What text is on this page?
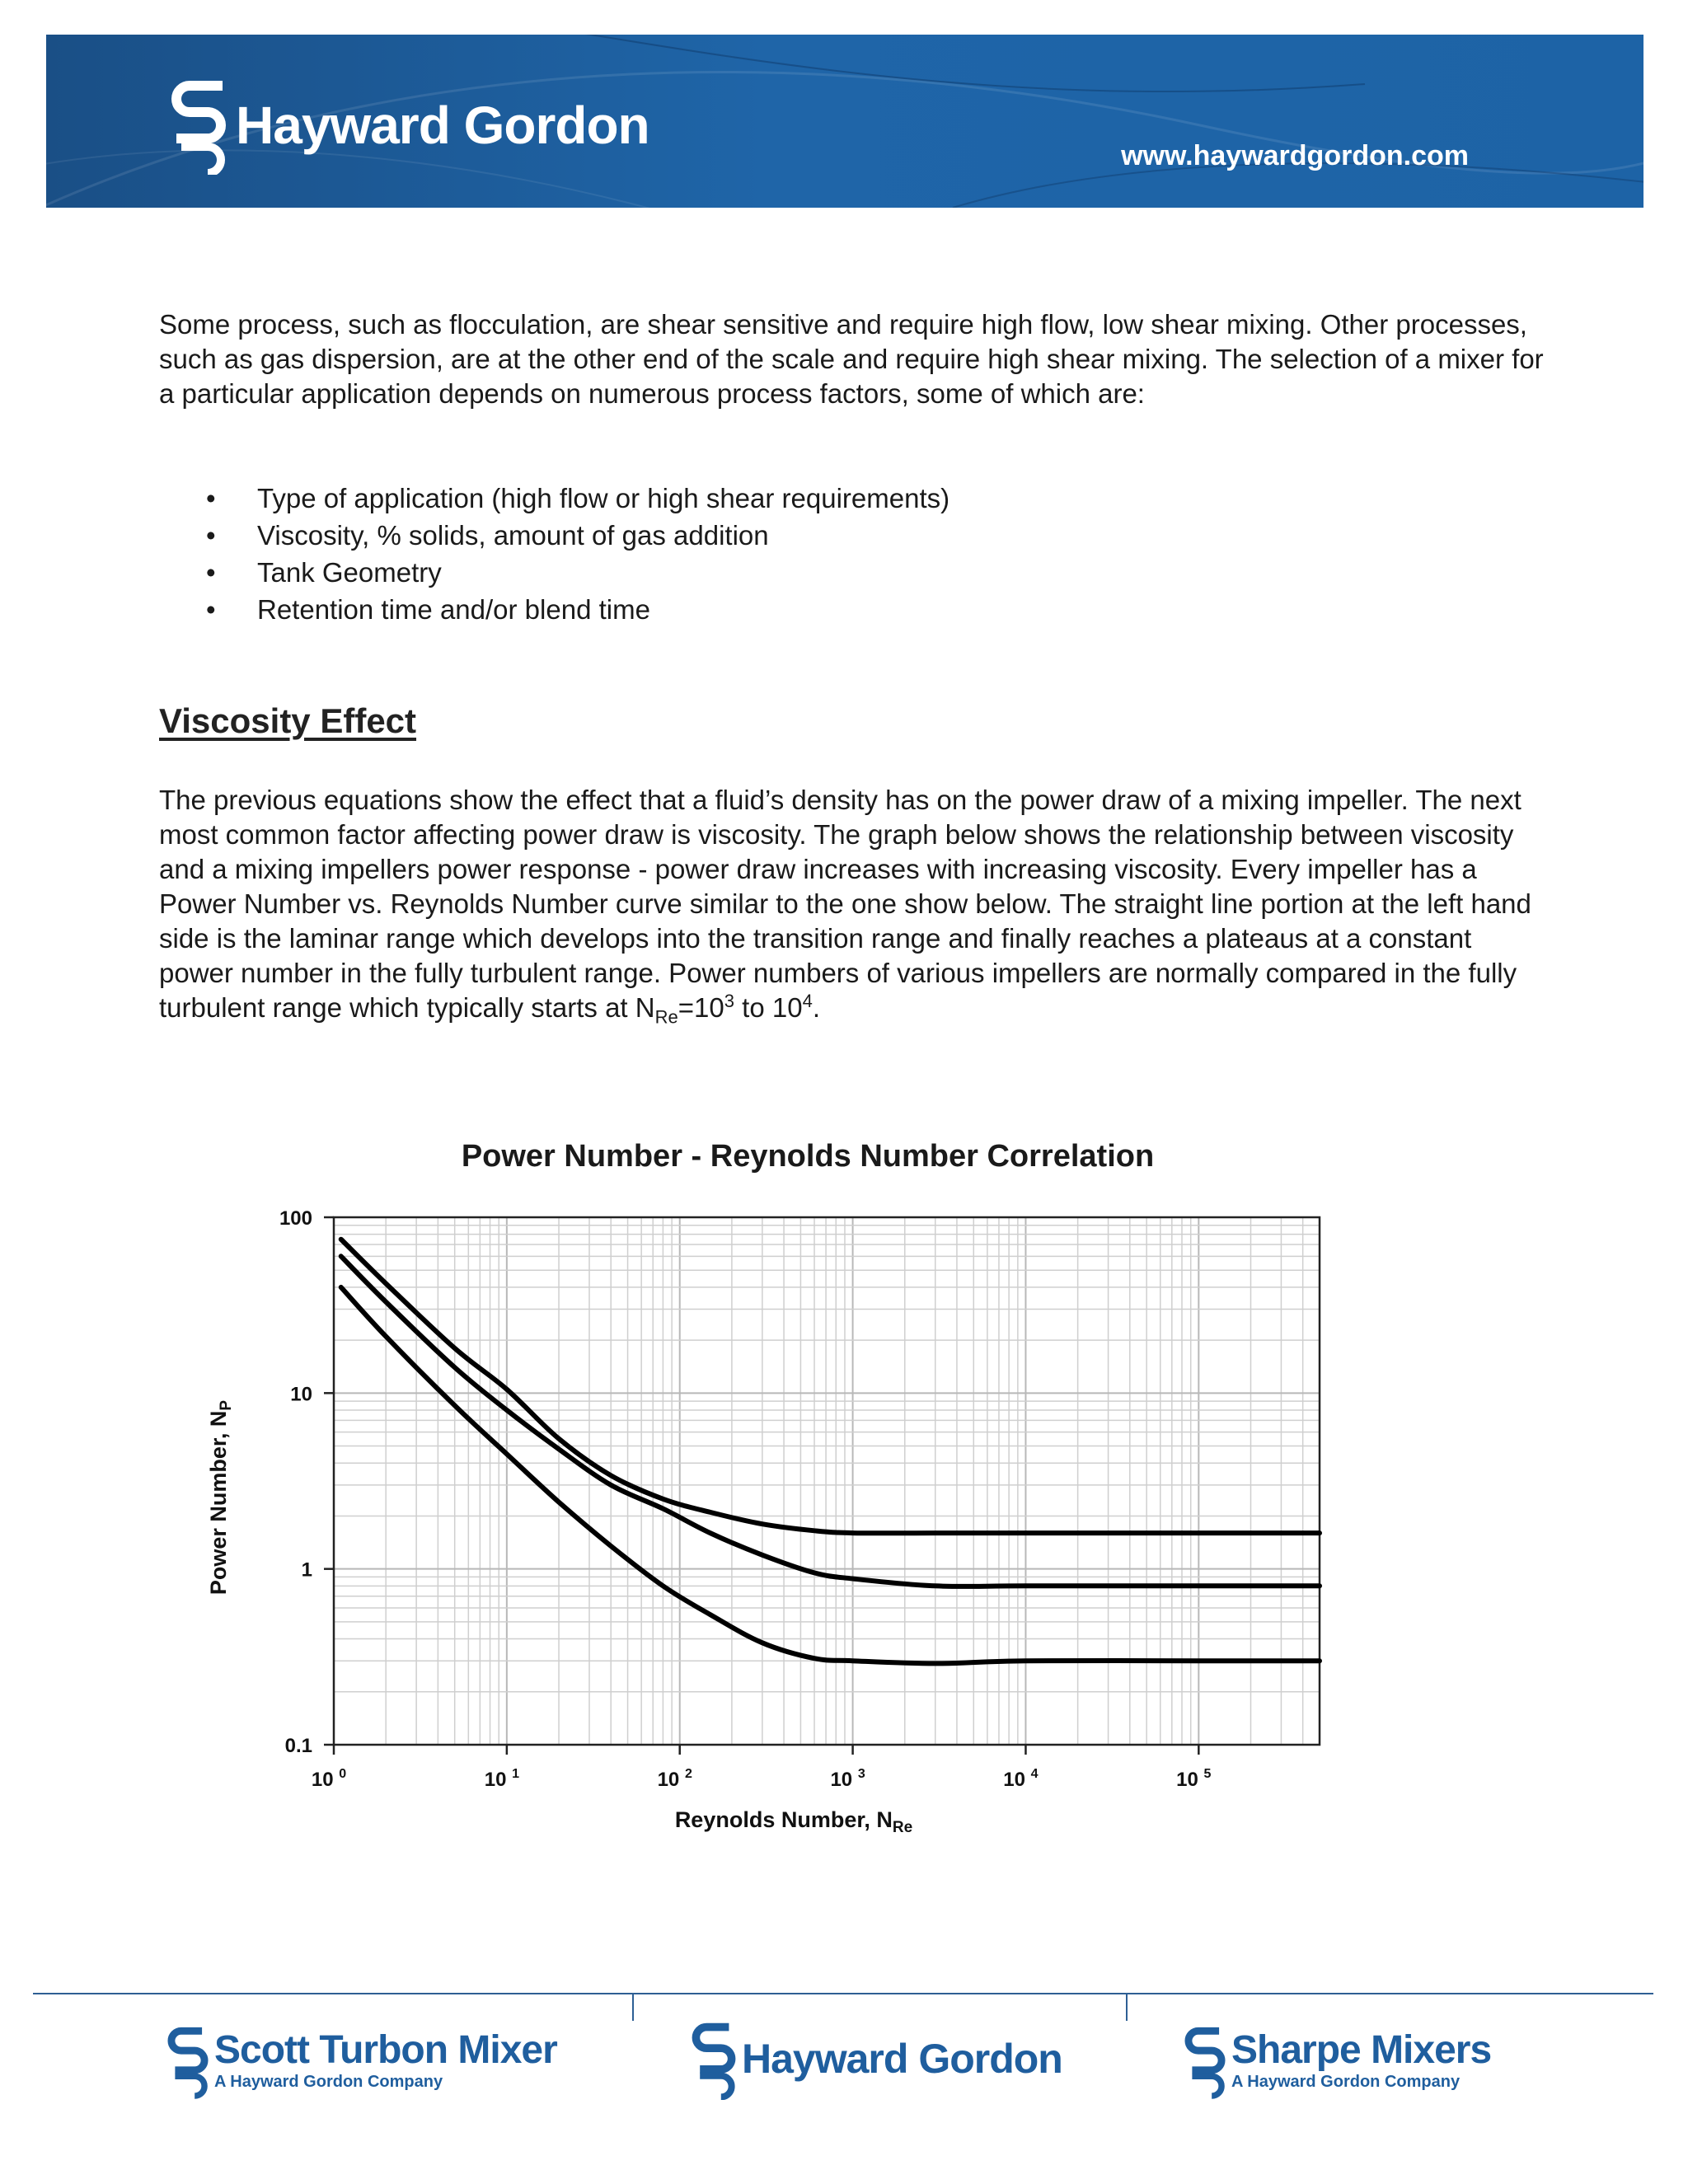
Hayward Gordon
www.haywardgordon.com
Some process, such as flocculation, are shear sensitive and require high flow, low shear mixing. Other processes, such as gas dispersion, are at the other end of the scale and require high shear mixing. The selection of a mixer for a particular application depends on numerous process factors, some of which are:
• Type of application (high flow or high shear requirements)
• Viscosity, % solids, amount of gas addition
• Tank Geometry
• Retention time and/or blend time
Viscosity Effect
The previous equations show the effect that a fluid’s density has on the power draw of a mixing impeller. The next most common factor affecting power draw is viscosity. The graph below shows the relationship between viscosity and a mixing impellers power response - power draw increases with increasing viscosity. Every impeller has a Power Number vs. Reynolds Number curve similar to the one show below. The straight line portion at the left hand side is the laminar range which develops into the transition range and finally reaches a plateaus at a constant power number in the fully turbulent range. Power numbers of various impellers are normally compared in the fully turbulent range which typically starts at $N_{Re}=10^3$ to $10^4$.
Power Number - Reynolds Number Correlation
100
10
1
0.1
10 $^0$	10 $^1$	10 $^2$	10 $^3$	10 $^4$	10 $^5$
Reynolds Number, $N_{Re}$
Power Number, $N_P$
Scott Turbon Mixer
A Hayward Gordon Company	Hayward Gordon	Sharpe Mixers
A Hayward Gordon Company
